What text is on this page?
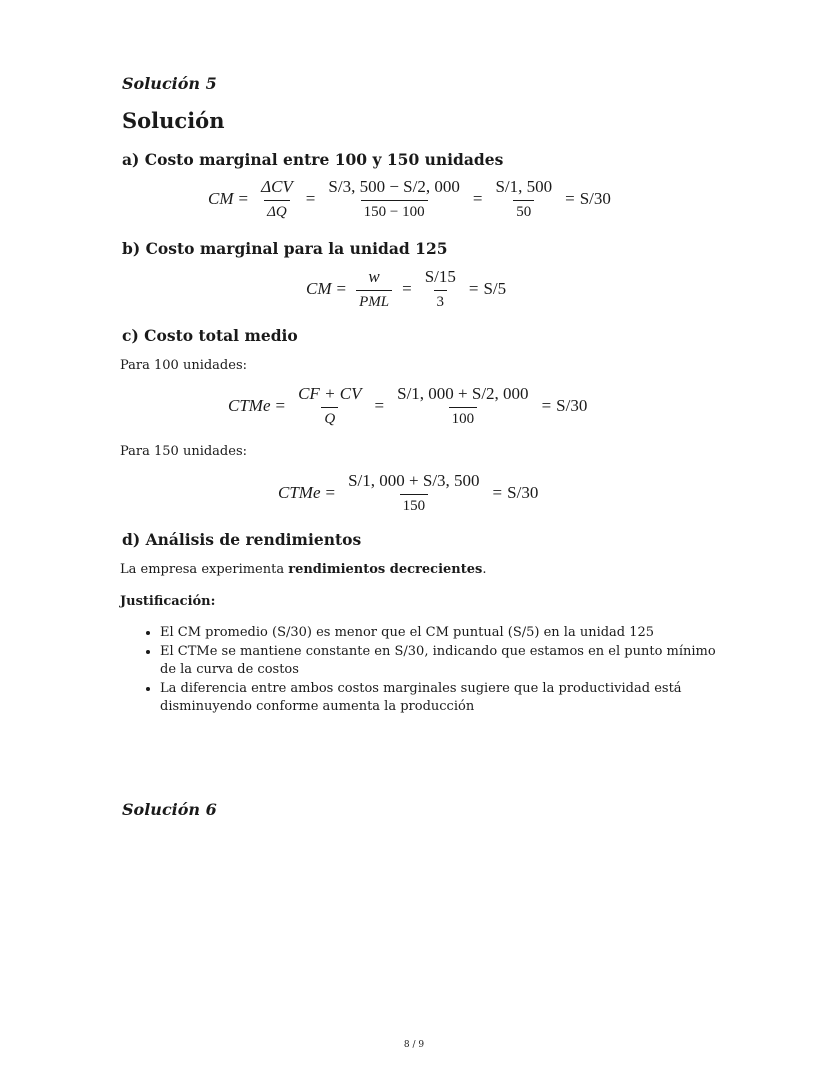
Solución 5
Solución
a) Costo marginal entre 100 y 150 unidades
CM = $\frac{\text{ΔCV}}{\Delta Q} = \frac{S/3, 500 - S/2, 000}{150 - 100} = \frac{S/1, 500}{50} = S/30$
b) Costo marginal para la unidad 125
CM = $\frac{w}{\text{PML}} = \frac{S/15}{3} = S/5$
c) Costo total medio
Para 100 unidades:
CTMe = $\frac{CF + CV}{Q} = \frac{S/1, 000 + S/2, 000}{100} = S/30$
Para 150 unidades:
CTMe = $\frac{S/1, 000 + S/3, 500}{150} = S/30$
d) Análisis de rendimientos
La empresa experimenta rendimientos decrecientes.
Justificación:
• El CM promedio (S/30) es menor que el CM puntual (S/5) en la unidad 125
• El CTMe se mantiene constante en S/30, indicando que estamos en el punto mínimo de la curva de costos
• La diferencia entre ambos costos marginales sugiere que la productividad está disminuyendo conforme aumenta la producción
Solución 6
8 / 9
